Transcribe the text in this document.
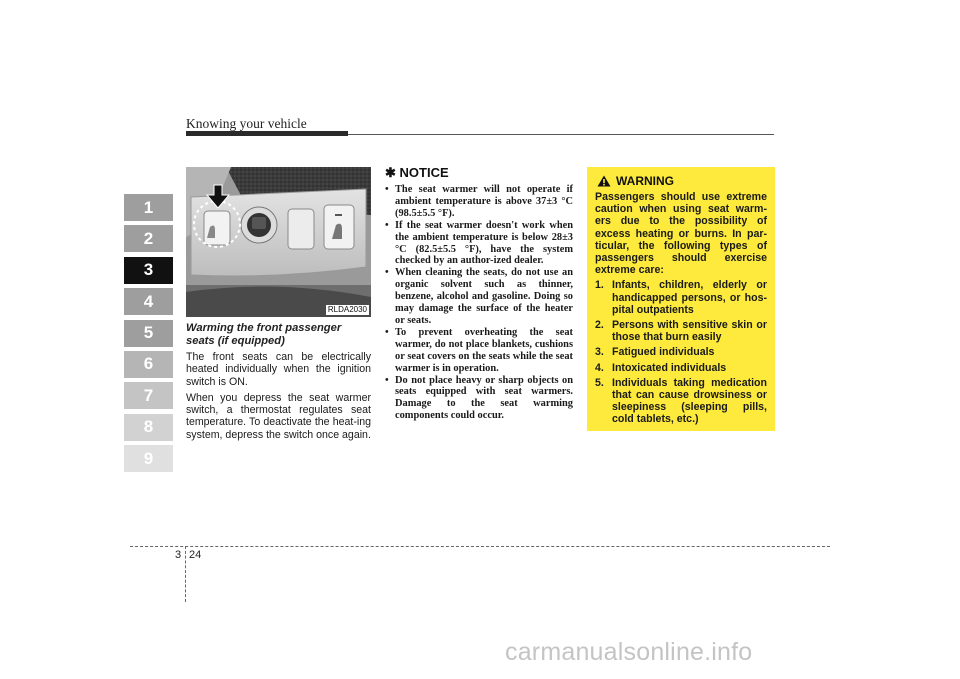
Knowing your vehicle
1
2
3
4
5
6
7
8
9
RLDA2030
Warming the front passenger seats (if equipped)

The front seats can be electrically heated individually when the ignition switch is ON.

When you depress the seat warmer switch, a thermostat regulates seat temperature. To deactivate the heat-ing system, depress the switch once again.

✱ NOTICE
• The seat warmer will not operate if ambient temperature is above 37±3 °C (98.5±5.5 °F).
• If the seat warmer doesn't work when the ambient temperature is below 28±3 °C (82.5±5.5 °F), have the system checked by an author-ized dealer.
• When cleaning the seats, do not use an organic solvent such as thinner, benzene, alcohol and gasoline. Doing so may damage the surface of the heater or seats.
• To prevent overheating the seat warmer, do not place blankets, cushions or seat covers on the seats while the seat warmer is in operation.
• Do not place heavy or sharp objects on seats equipped with seat warmers. Damage to the seat warming components could occur.
WARNING
Passengers should use extreme caution when using seat warm-ers due to the possibility of excess heating or burns. In par-ticular, the following types of passengers should exercise extreme care:
1. Infants, children, elderly or handicapped persons, or hos-pital outpatients
2. Persons with sensitive skin or those that burn easily
3. Fatigued individuals
4. Intoxicated individuals
5. Individuals taking medication that can cause drowsiness or sleepiness (sleeping pills, cold tablets, etc.)
3 24
carmanualsonline.info
